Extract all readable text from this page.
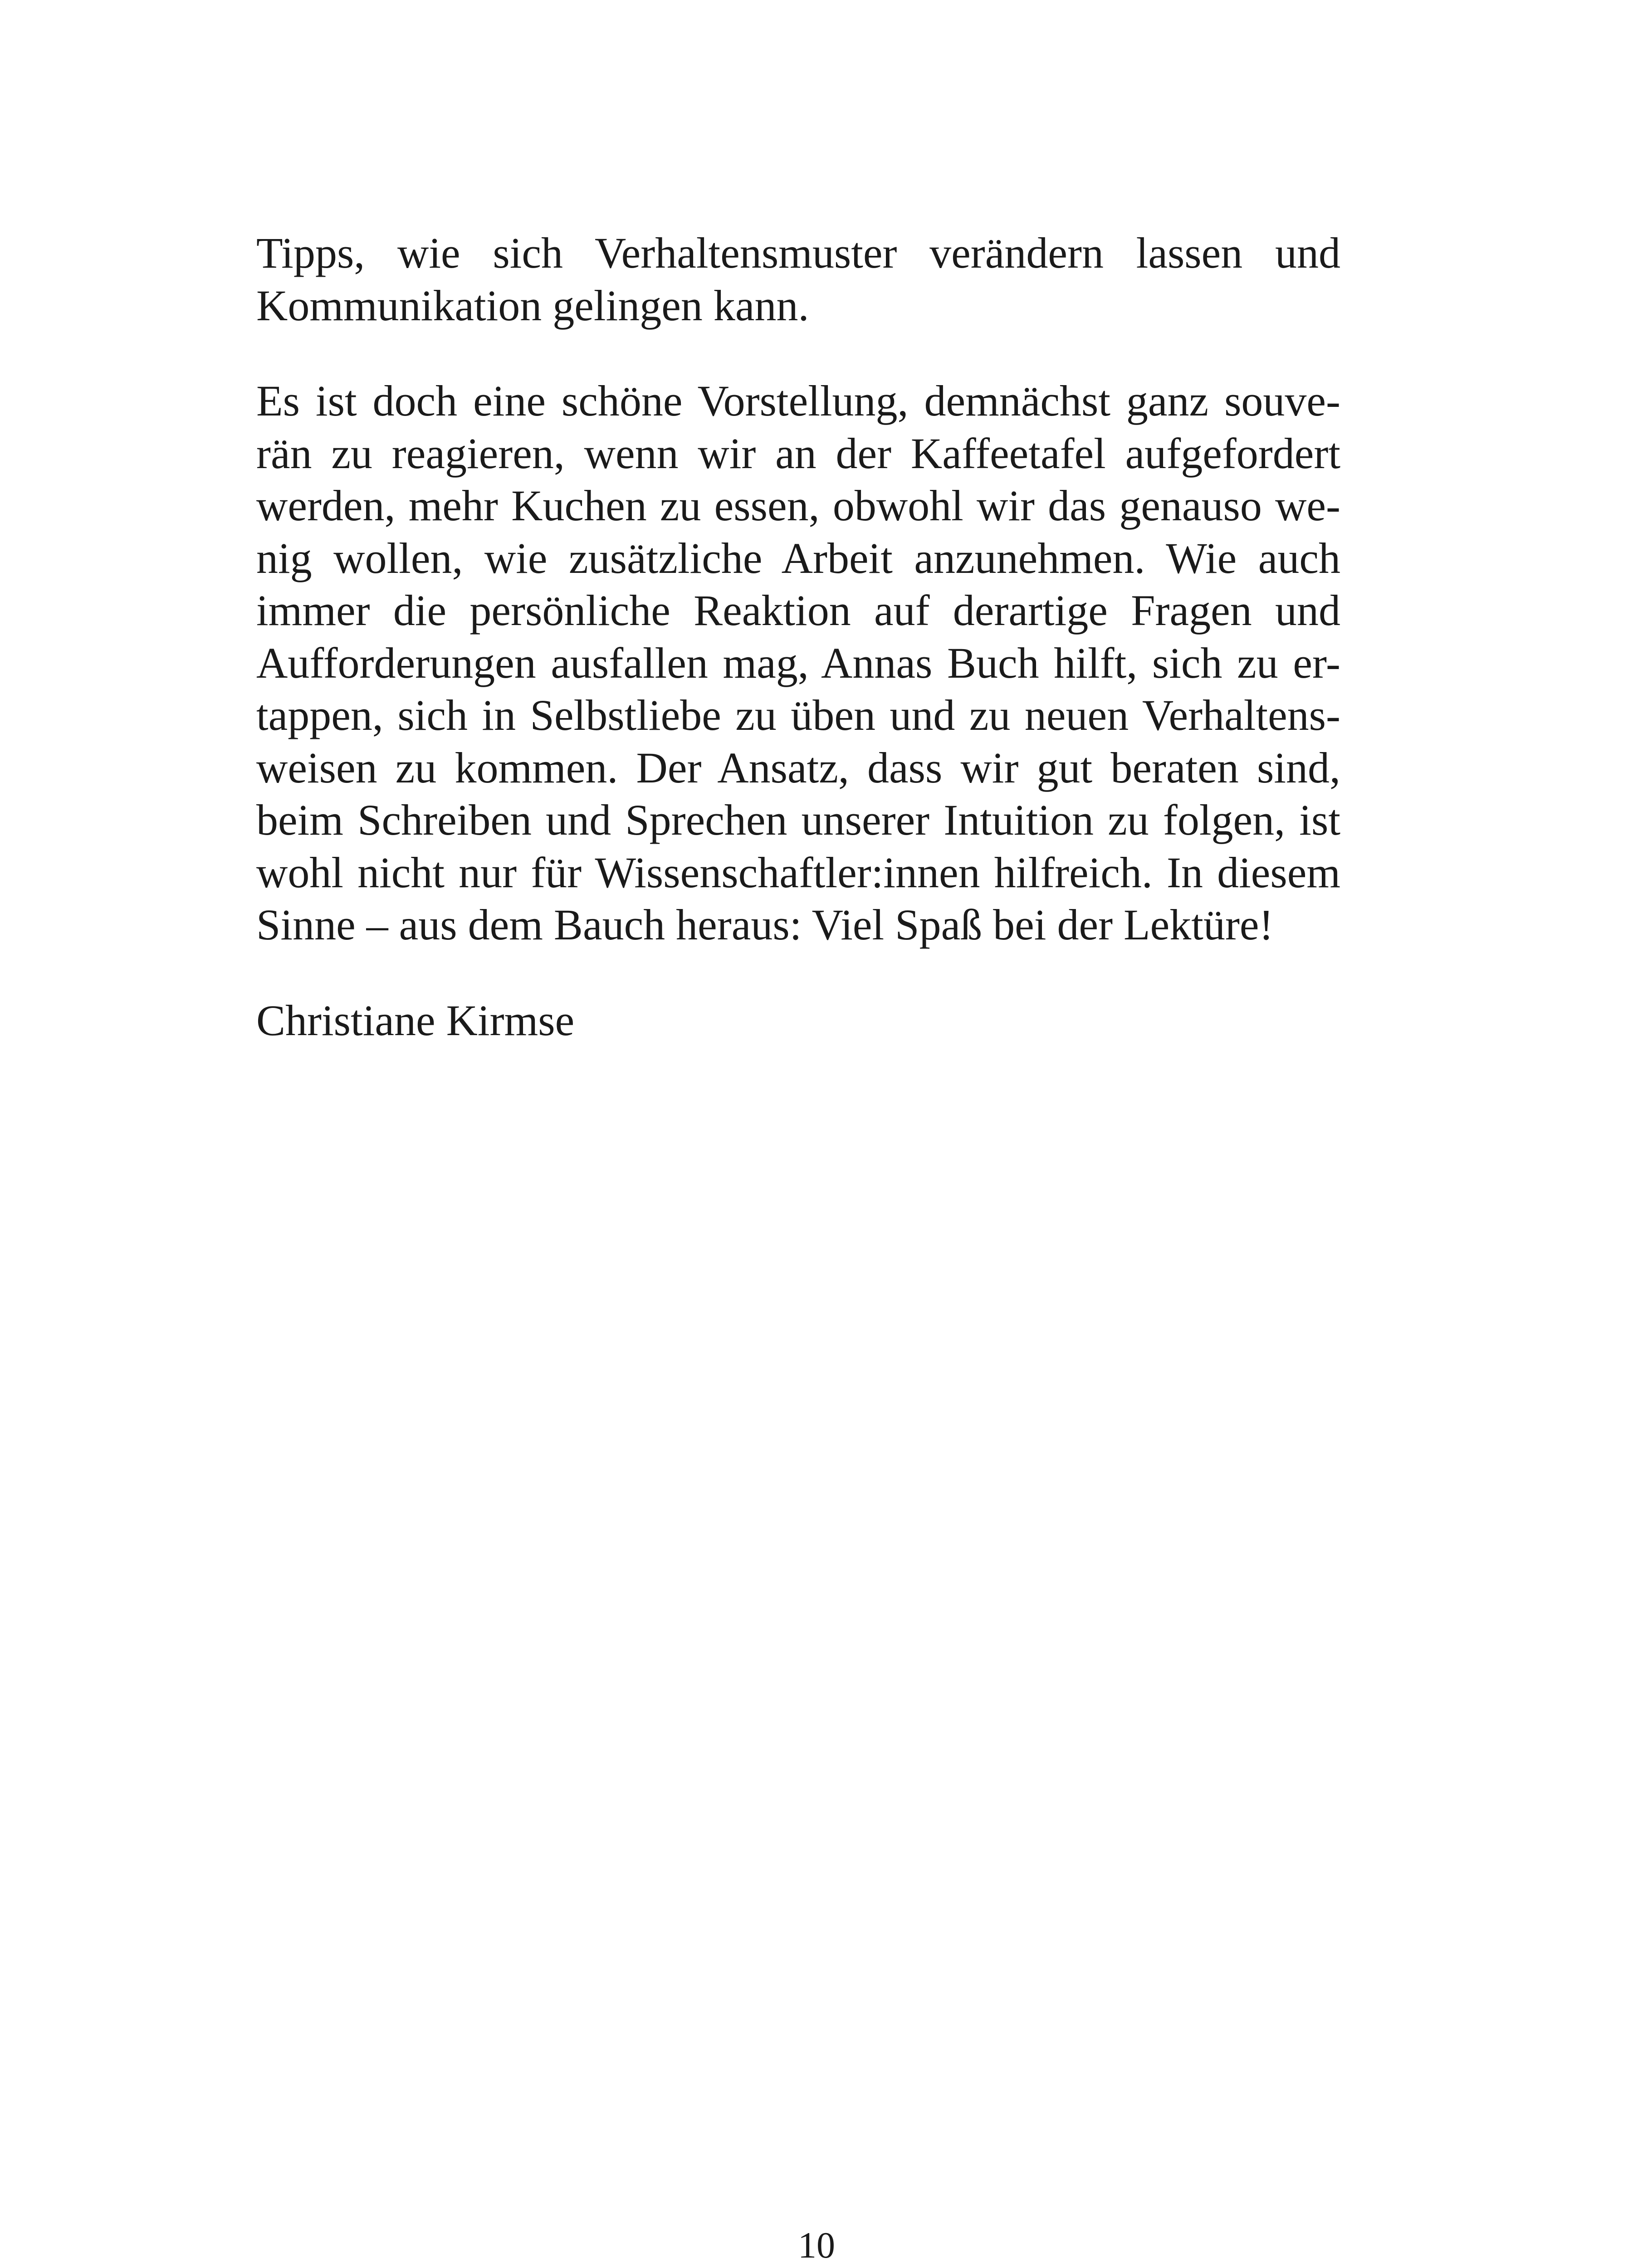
Tipps, wie sich Verhaltensmuster verändern lassen und
Kommunikation gelingen kann.
Es ist doch eine schöne Vorstellung, demnächst ganz souve-
rän zu reagieren, wenn wir an der Kaffeetafel aufgefordert
werden, mehr Kuchen zu essen, obwohl wir das genauso we-
nig wollen, wie zusätzliche Arbeit anzunehmen. Wie auch
immer die persönliche Reaktion auf derartige Fragen und
Aufforderungen ausfallen mag, Annas Buch hilft, sich zu er-
tappen, sich in Selbstliebe zu üben und zu neuen Verhaltens-
weisen zu kommen. Der Ansatz, dass wir gut beraten sind,
beim Schreiben und Sprechen unserer Intuition zu folgen, ist
wohl nicht nur für Wissenschaftler:innen hilfreich. In diesem
Sinne – aus dem Bauch heraus: Viel Spaß bei der Lektüre!
Christiane Kirmse
10
